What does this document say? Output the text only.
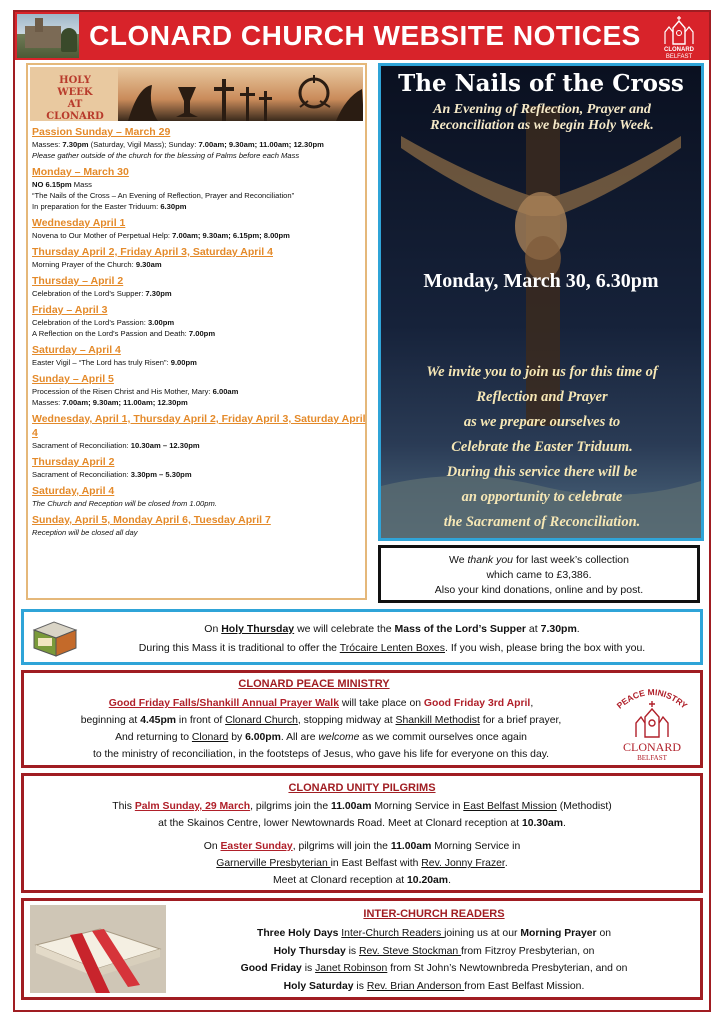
CLONARD CHURCH WEBSITE NOTICES	CLONARD
BELFAST
HOLY WEEK
AT CLONARD
Passion Sunday – March 29
Masses: 7.30pm (Saturday, Vigil Mass); Sunday: 7.00am; 9.30am; 11.00am; 12.30pm
Please gather outside of the church for the blessing of Palms before each Mass
Monday – March 30
NO 6.15pm Mass
“The Nails of the Cross – An Evening of Reflection, Prayer and Reconciliation”
In preparation for the Easter Triduum: 6.30pm
Wednesday April 1
Novena to Our Mother of Perpetual Help: 7.00am; 9.30am; 6.15pm; 8.00pm
Thursday April 2, Friday April 3, Saturday April 4
Morning Prayer of the Church: 9.30am
Thursday – April 2
Celebration of the Lord’s Supper: 7.30pm
Friday – April 3
Celebration of the Lord’s Passion: 3.00pm
A Reflection on the Lord’s Passion and Death: 7.00pm
Saturday – April 4
Easter Vigil – “The Lord has truly Risen”: 9.00pm
Sunday – April 5
Procession of the Risen Christ and His Mother, Mary: 6.00am
Masses: 7.00am; 9.30am; 11.00am; 12.30pm
Wednesday, April 1, Thursday April 2, Friday April 3, Saturday April 4
Sacrament of Reconciliation: 10.30am – 12.30pm
Thursday April 2
Sacrament of Reconciliation: 3.30pm – 5.30pm
Saturday, April 4
The Church and Reception will be closed from 1.00pm.
Sunday, April 5, Monday April 6, Tuesday April 7
Reception will be closed all day
The Nails of the Cross
An Evening of Reflection, Prayer and
Reconciliation as we begin Holy Week.
Monday, March 30, 6.30pm
We invite you to join us for this time of
Reflection and Prayer
as we prepare ourselves to
Celebrate the Easter Triduum.
During this service there will be
an opportunity to celebrate
the Sacrament of Reconciliation.
We thank you for last week’s collection
which came to £3,386.
Also your kind donations, online and by post.
On Holy Thursday we will celebrate the Mass of the Lord’s Supper at 7.30pm.
During this Mass it is traditional to offer the Trócaire Lenten Boxes. If you wish, please bring the box with you.
CLONARD PEACE MINISTRY
Good Friday Falls/Shankill Annual Prayer Walk will take place on Good Friday 3rd April,
beginning at 4.45pm in front of Clonard Church, stopping midway at Shankill Methodist for a brief prayer,
And returning to Clonard by 6.00pm. All are welcome as we commit ourselves once again
to the ministry of reconciliation, in the footsteps of Jesus, who gave his life for everyone on this day.
PEACE MINISTRY
CLONARD
BELFAST
CLONARD UNITY PILGRIMS
This Palm Sunday, 29 March, pilgrims join the 11.00am Morning Service in East Belfast Mission (Methodist)
at the Skainos Centre, lower Newtownards Road. Meet at Clonard reception at 10.30am.
On Easter Sunday, pilgrims will join the 11.00am Morning Service in
Garnerville Presbyterian in East Belfast with Rev. Jonny Frazer.
Meet at Clonard reception at 10.20am.
INTER-CHURCH READERS
Three Holy Days Inter-Church Readers joining us at our Morning Prayer on
Holy Thursday is Rev. Steve Stockman from Fitzroy Presbyterian, on
Good Friday is Janet Robinson from St John’s Newtownbreda Presbyterian, and on
Holy Saturday is Rev. Brian Anderson from East Belfast Mission.
